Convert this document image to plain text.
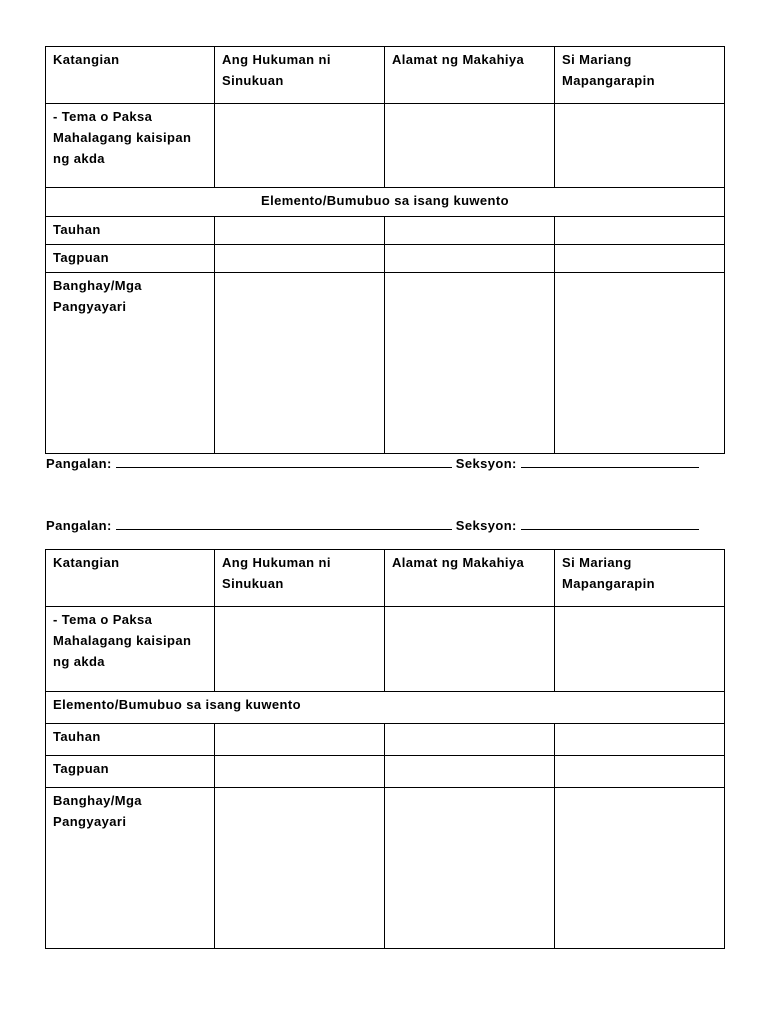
Katangian	Ang Hukuman ni Sinukuan	Alamat ng Makahiya	Si Mariang Mapangarapin
- Tema o Paksa Mahalagang kaisipan ng akda			
Elemento/Bumubuo sa isang kuwento			
Tauhan			
Tagpuan			
Banghay/Mga Pangyayari			
Pangalan:	Seksyon:
Pangalan:	Seksyon:
Katangian	Ang Hukuman ni Sinukuan	Alamat ng Makahiya	Si Mariang Mapangarapin
- Tema o Paksa Mahalagang kaisipan ng akda			
Elemento/Bumubuo sa isang kuwento			
Tauhan			
Tagpuan			
Banghay/Mga Pangyayari			
